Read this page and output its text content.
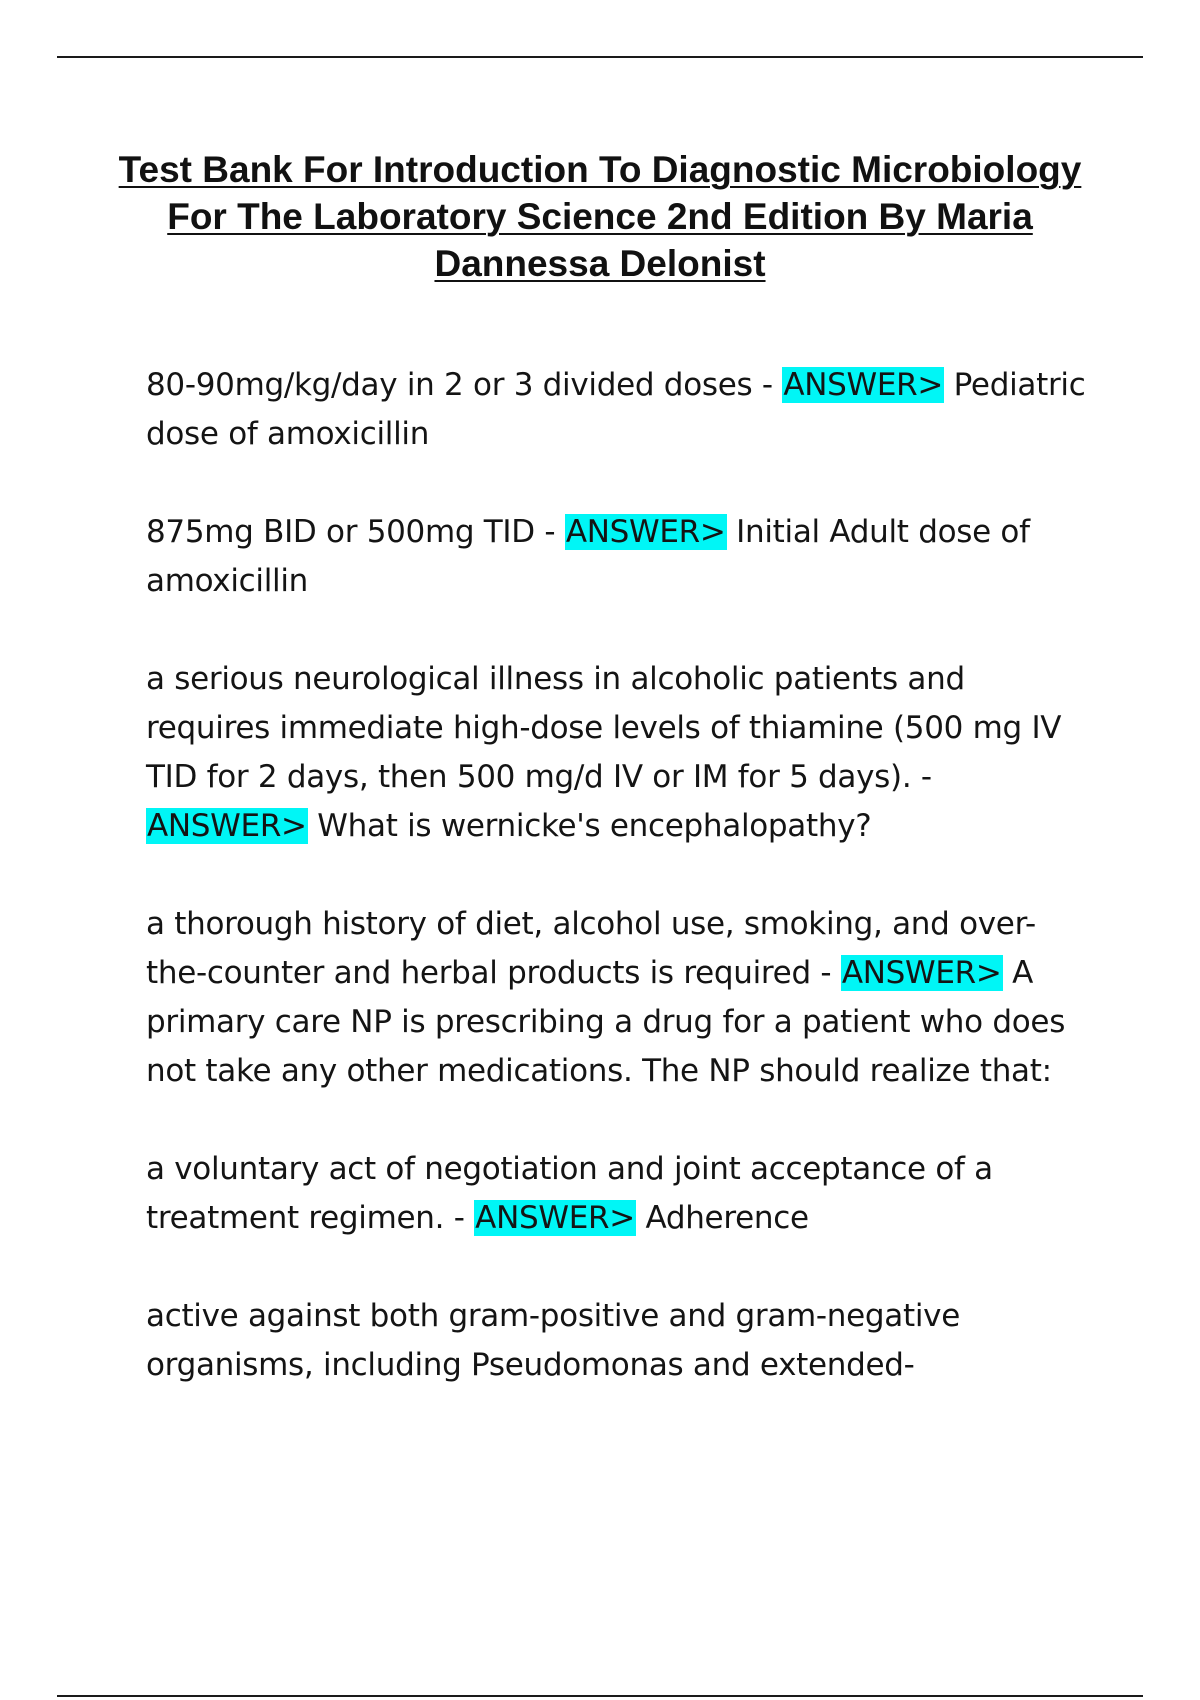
Test Bank For Introduction To Diagnostic Microbiology For The Laboratory Science 2nd Edition By Maria Dannessa Delonist
80-90mg/kg/day in 2 or 3 divided doses - ANSWER> Pediatric dose of amoxicillin
875mg BID or 500mg TID - ANSWER> Initial Adult dose of amoxicillin
a serious neurological illness in alcoholic patients and requires immediate high-dose levels of thiamine (500 mg IV TID for 2 days, then 500 mg/d IV or IM for 5 days). - ANSWER> What is wernicke's encephalopathy?
a thorough history of diet, alcohol use, smoking, and over-the-counter and herbal products is required - ANSWER> A primary care NP is prescribing a drug for a patient who does not take any other medications. The NP should realize that:
a voluntary act of negotiation and joint acceptance of a treatment regimen. - ANSWER> Adherence
active against both gram-positive and gram-negative organisms, including Pseudomonas and extended-
